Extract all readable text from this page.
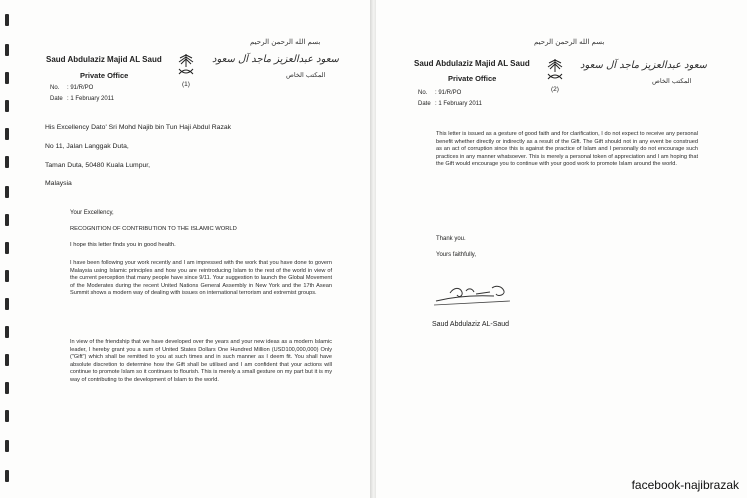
بسم الله الرحمن الرحيم
Saud Abdulaziz Majid AL Saud
Private Office
(1)
سعود عبدالعزيز ماجد آل سعود
المكتب الخاص
No. : 91/R/PO
Date : 1 February 2011
His Excellency Dato' Sri Mohd Najib bin Tun Haji Abdul Razak
No 11, Jalan Langgak Duta,
Taman Duta, 50480 Kuala Lumpur,
Malaysia
Your Excellency,
RECOGNITION OF CONTRIBUTION TO THE ISLAMIC WORLD
I hope this letter finds you in good health.
I have been following your work recently and I am impressed with the work that you have done to govern Malaysia using Islamic principles and how you are reintroducing Islam to the rest of the world in view of the current perception that many people have since 9/11. Your suggestion to launch the Global Movement of the Moderates during the recent United Nations General Assembly in New York and the 17th Asean Summit shows a modern way of dealing with issues on international terrorism and extremist groups.
In view of the friendship that we have developed over the years and your new ideas as a modern Islamic leader, I hereby grant you a sum of United States Dollars One Hundred Million (USD100,000,000) Only ("Gift") which shall be remitted to you at such times and in such manner as I deem fit. You shall have absolute discretion to determine how the Gift shall be utilised and I am confident that your actions will continue to promote Islam so it continues to flourish. This is merely a small gesture on my part but it is my way of contributing to the development of Islam to the world.
بسم الله الرحمن الرحيم
Saud Abdulaziz Majid AL Saud
Private Office
(2)
سعود عبدالعزيز ماجد آل سعود
المكتب الخاص
No. : 91/R/PO
Date : 1 February 2011
This letter is issued as a gesture of good faith and for clarification, I do not expect to receive any personal benefit whether directly or indirectly as a result of the Gift. The Gift should not in any event be construed as an act of corruption since this is against the practice of Islam and I personally do not encourage such practices in any manner whatsoever. This is merely a personal token of appreciation and I am hoping that the Gift would encourage you to continue with your good work to promote Islam around the world.
Thank you.
Yours faithfully,
Saud Abdulaziz AL-Saud
facebook-najibrazak
